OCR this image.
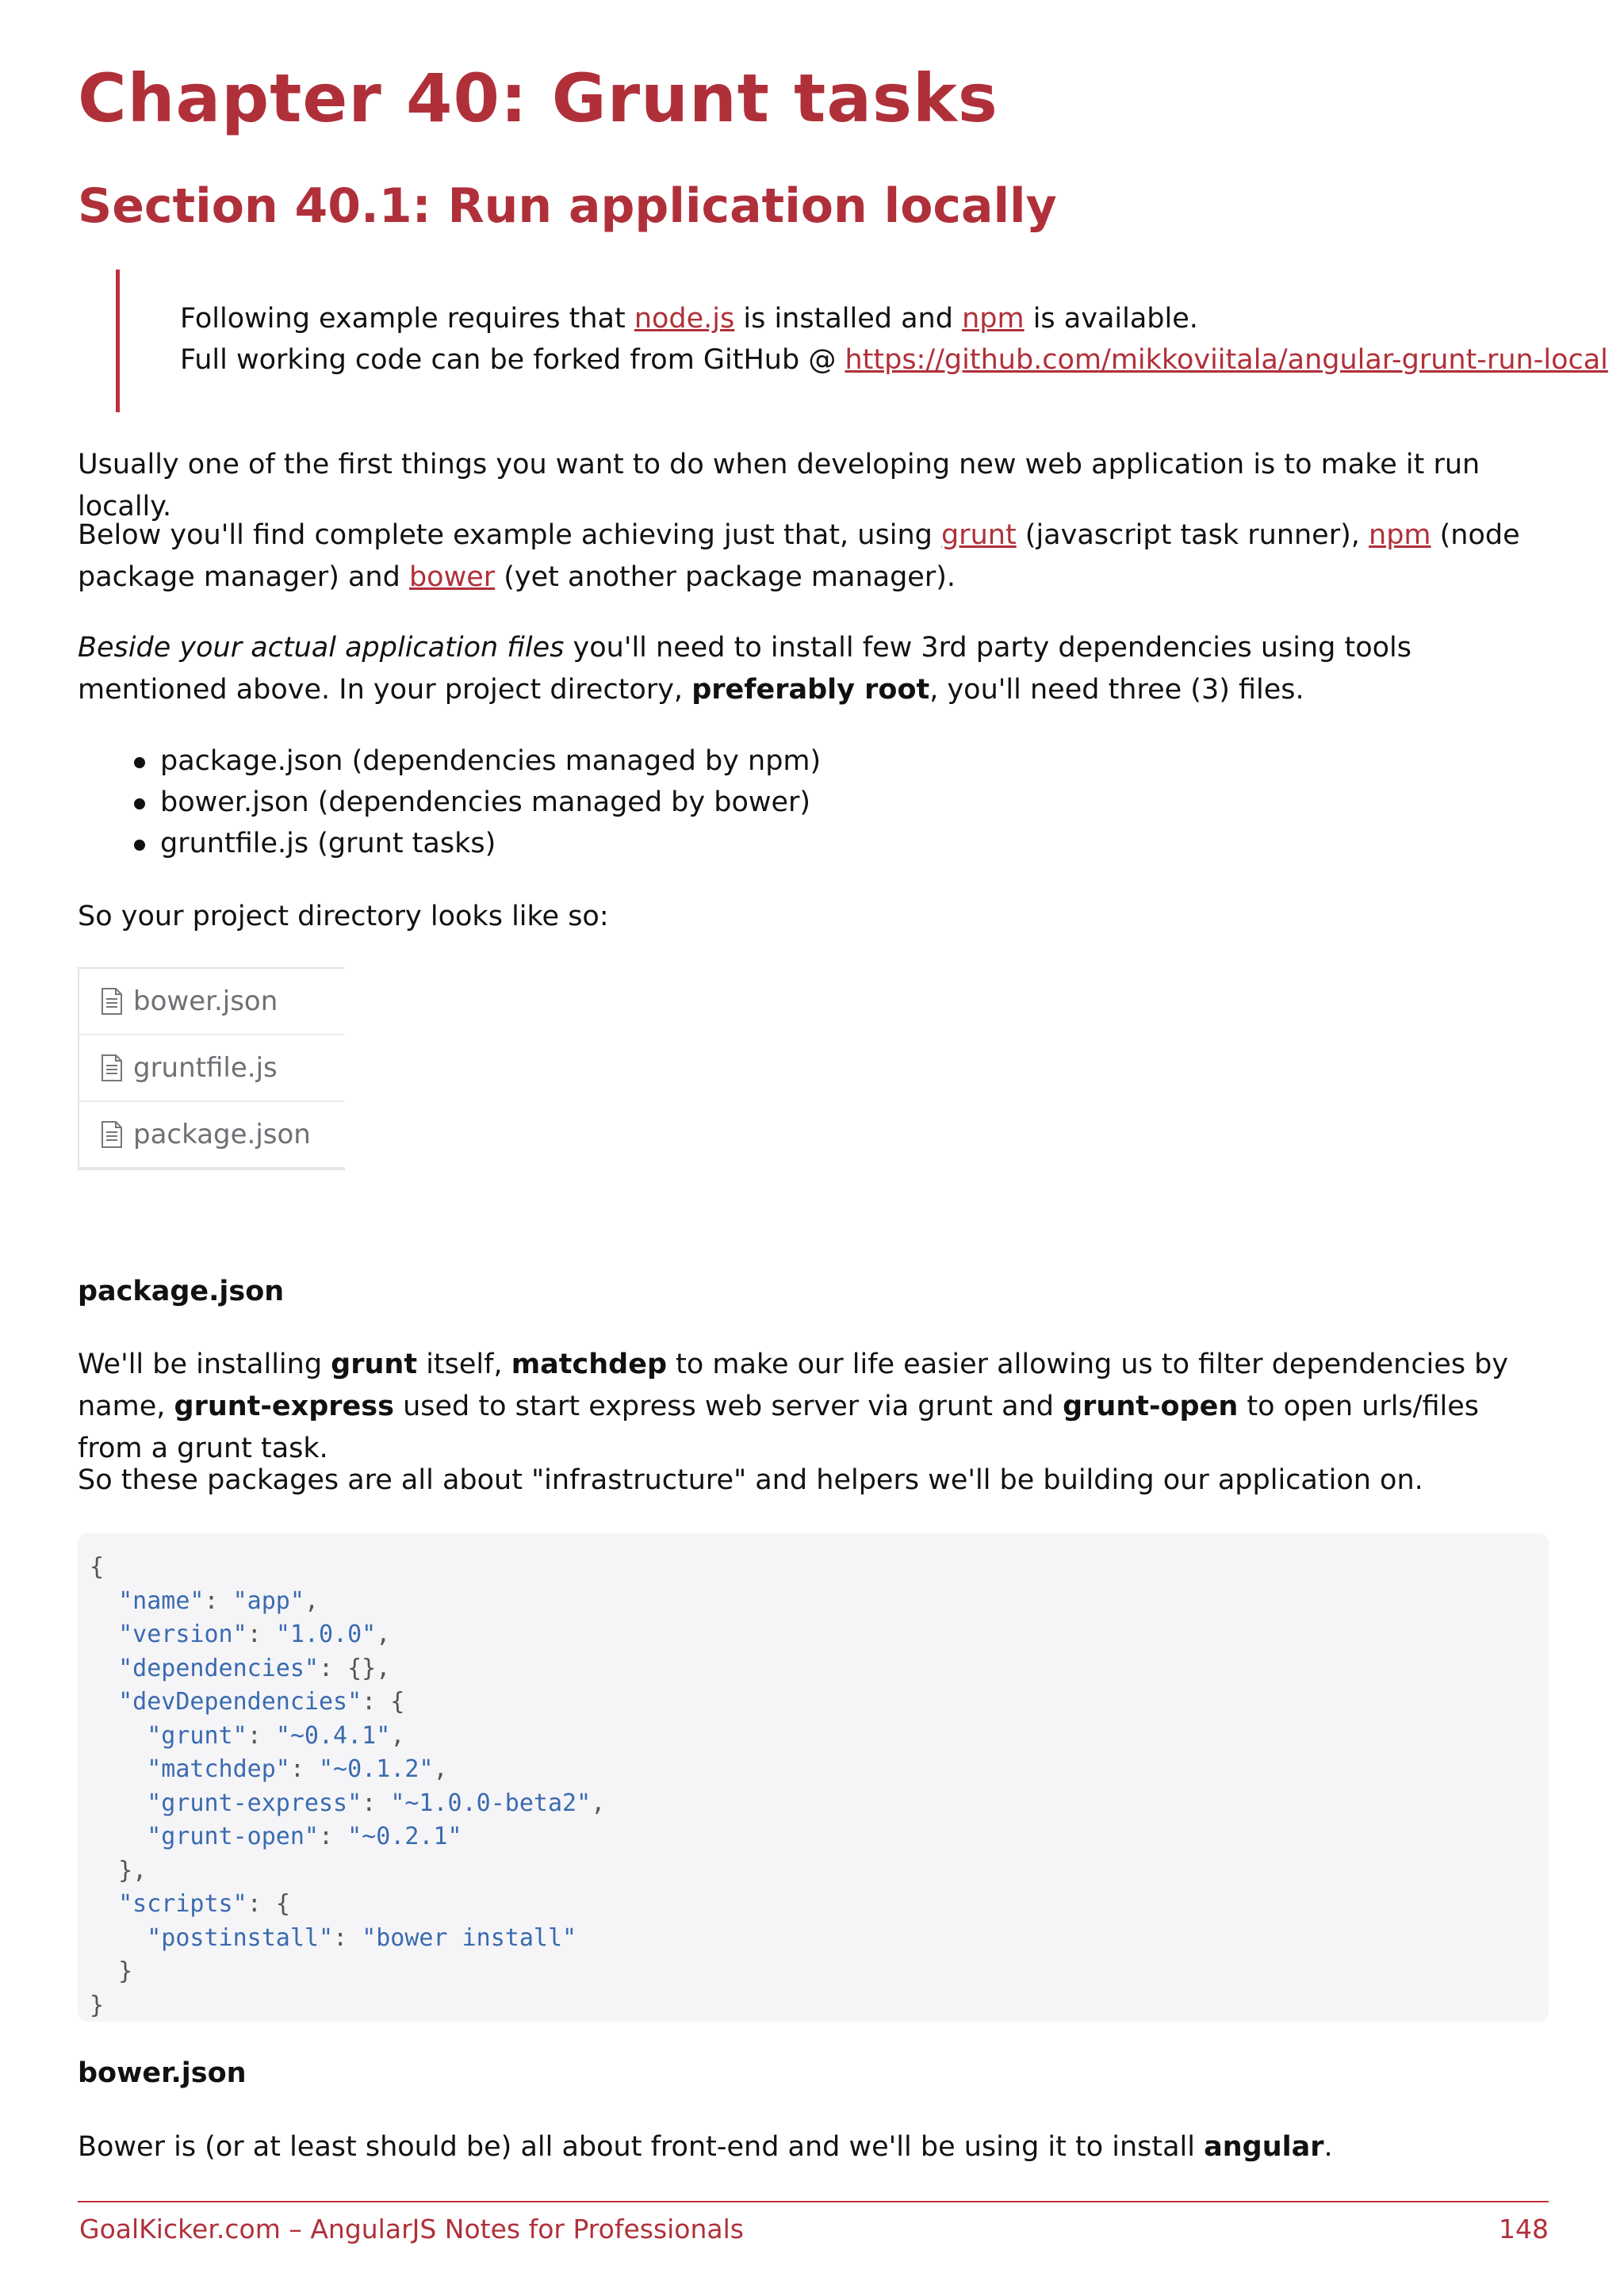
Chapter 40: Grunt tasks
Section 40.1: Run application locally

Following example requires that node.js is installed and npm is available.

Full working code can be forked from GitHub @ https://github.com/mikkoviitala/angular-grunt-run-local

Usually one of the first things you want to do when developing new web application is to make it run locally.

Below you'll find complete example achieving just that, using grunt (javascript task runner), npm (node package manager) and bower (yet another package manager).

Beside your actual application files you'll need to install few 3rd party dependencies using tools mentioned above. In your project directory, preferably root, you'll need three (3) files.

package.json (dependencies managed by npm)
bower.json (dependencies managed by bower)
gruntfile.js (grunt tasks)

So your project directory looks like so:

bower.json
gruntfile.js
package.json
package.json

We'll be installing grunt itself, matchdep to make our life easier allowing us to filter dependencies by name, grunt-express used to start express web server via grunt and grunt-open to open urls/files from a grunt task.

So these packages are all about "infrastructure" and helpers we'll be building our application on.

{
"name": "app",
"version": "1.0.0",
"dependencies": {},
"devDependencies": {
"grunt": "~0.4.1",
"matchdep": "~0.1.2",
"grunt-express": "~1.0.0-beta2",
"grunt-open": "~0.2.1"
},
"scripts": {
"postinstall": "bower install"
}
}
bower.json

Bower is (or at least should be) all about front-end and we'll be using it to install angular.

GoalKicker.com – AngularJS Notes for Professionals	148
